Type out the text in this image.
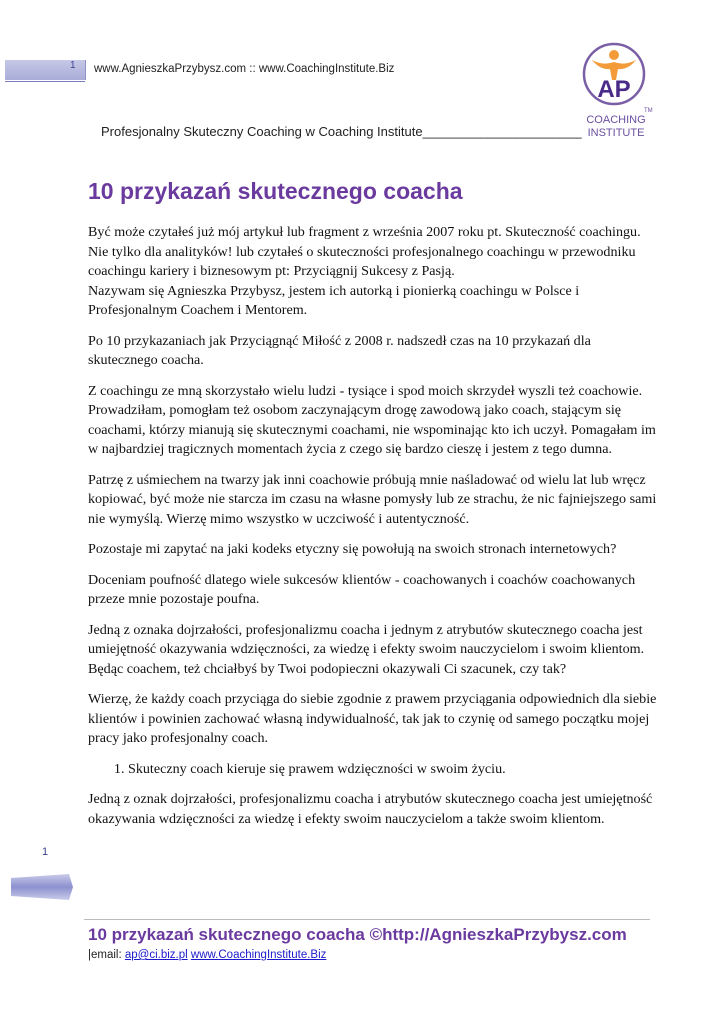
1 www.AgnieszkaPrzybysz.com :: www.CoachingInstitute.Biz
AP
TM
COACHING
INSTITUTE
Profesjonalny Skuteczny Coaching w Coaching Institute______________________
10 przykazań skutecznego coacha

Być może czytałeś już mój artykuł lub fragment z września 2007 roku pt. Skuteczność coachingu. Nie tylko dla analityków! lub czytałeś o skuteczności profesjonalnego coachingu w przewodniku coachingu kariery i biznesowym pt: Przyciągnij Sukcesy z Pasją.
Nazywam się Agnieszka Przybysz, jestem ich autorką i pionierką coachingu w Polsce i Profesjonalnym Coachem i Mentorem.

Po 10 przykazaniach jak Przyciągnąć Miłość z 2008 r. nadszedł czas na 10 przykazań dla skutecznego coacha.

Z coachingu ze mną skorzystało wielu ludzi - tysiące i spod moich skrzydeł wyszli też coachowie. Prowadziłam, pomogłam też osobom zaczynającym drogę zawodową jako coach, stającym się coachami, którzy mianują się skutecznymi coachami, nie wspominając kto ich uczył. Pomagałam im w najbardziej tragicznych momentach życia z czego się bardzo cieszę i jestem z tego dumna.

Patrzę z uśmiechem na twarzy jak inni coachowie próbują mnie naśladować od wielu lat lub wręcz kopiować, być może nie starcza im czasu na własne pomysły lub ze strachu, że nic fajniejszego sami nie wymyślą. Wierzę mimo wszystko w uczciwość i autentyczność.

Pozostaje mi zapytać na jaki kodeks etyczny się powołują na swoich stronach internetowych?

Doceniam poufność dlatego wiele sukcesów klientów - coachowanych i coachów coachowanych przeze mnie pozostaje poufna.

Jedną z oznaka dojrzałości, profesjonalizmu coacha i jednym z atrybutów skutecznego coacha jest umiejętność okazywania wdzięczności, za wiedzę i efekty swoim nauczycielom i swoim klientom. Będąc coachem, też chciałbyś by Twoi podopieczni okazywali Ci szacunek, czy tak?

Wierzę, że każdy coach przyciąga do siebie zgodnie z prawem przyciągania odpowiednich dla siebie klientów i powinien zachować własną indywidualność, tak jak to czynię od samego początku mojej pracy jako profesjonalny coach.

1. Skuteczny coach kieruje się prawem wdzięczności w swoim życiu.

Jedną z oznak dojrzałości, profesjonalizmu coacha i atrybutów skutecznego coacha jest umiejętność okazywania wdzięczności za wiedzę i efekty swoim nauczycielom a także swoim klientom.

1
10 przykazań skutecznego coacha ©http://AgnieszkaPrzybysz.com
|email: ap@ci.biz.pl www.CoachingInstitute.Biz
